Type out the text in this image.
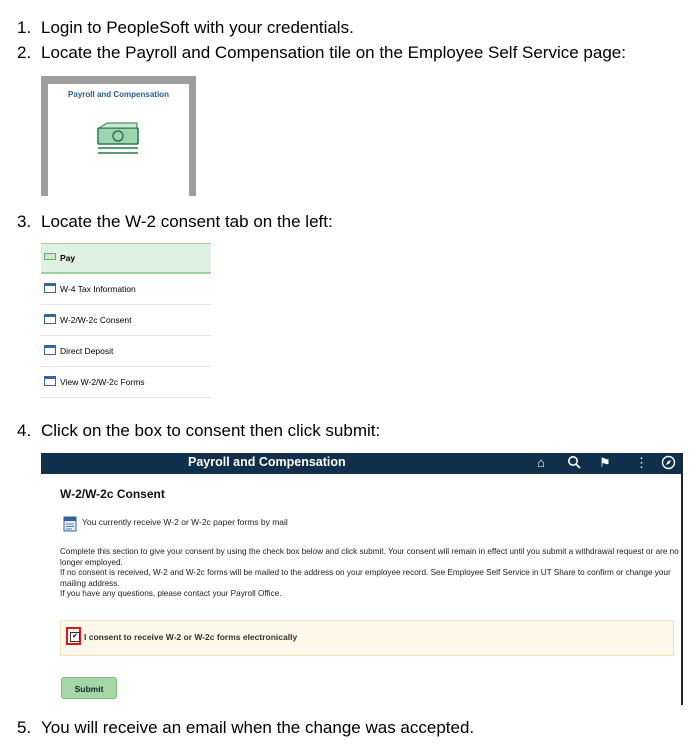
1. Login to PeopleSoft with your credentials.
2. Locate the Payroll and Compensation tile on the Employee Self Service page:
Payroll and Compensation
3. Locate the W-2 consent tab on the left:
Pay
W-4 Tax Information
W-2/W-2c Consent
Direct Deposit
View W-2/W-2c Forms
4. Click on the box to consent then click submit:
Payroll and Compensation	⌂	⚑ ⋮
W-2/W-2c Consent
You currently receive W-2 or W-2c paper forms by mail

Complete this section to give your consent by using the check box below and click submit. Your consent will remain in effect until you submit a withdrawal request or are no longer employed.

If no consent is received, W-2 and W-2c forms will be mailed to the address on your employee record. See Employee Self Service in UT Share to confirm or change your mailing address.

If you have any questions, please contact your Payroll Office.

✔ I consent to receive W-2 or W-2c forms electronically
Submit
5. You will receive an email when the change was accepted.
